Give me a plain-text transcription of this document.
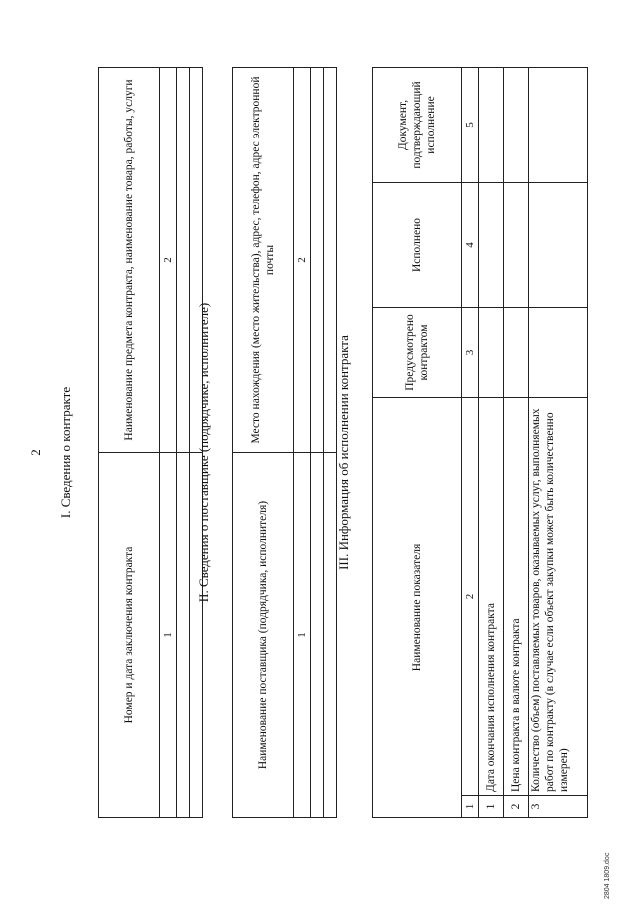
2 I. Сведения о контракте
Номер и дата заключения контракта	Наименование предмета контракта, наименование товара, работы, услуги
1	2

II. Сведения о поставщике (подрядчике, исполнителе)
Наименование поставщика (подрядчика, исполнителя)	Место нахождения (место жительства), адрес, телефон, адрес электронной почты
1	2

III. Информация об исполнении контракта
Наименование показателя		Предусмотрено контрактом	Исполнено	Документ, подтверждающий исполнение
1	2	3	4	5
1	Дата окончания исполнения контракта			
2	Цена контракта в валюте контракта			
3	Количество (объем) поставляемых товаров, оказываемых услуг, выполняемых работ по контракту (в случае если объект закупки может быть количественно измерен)			
2804 1809.doc
